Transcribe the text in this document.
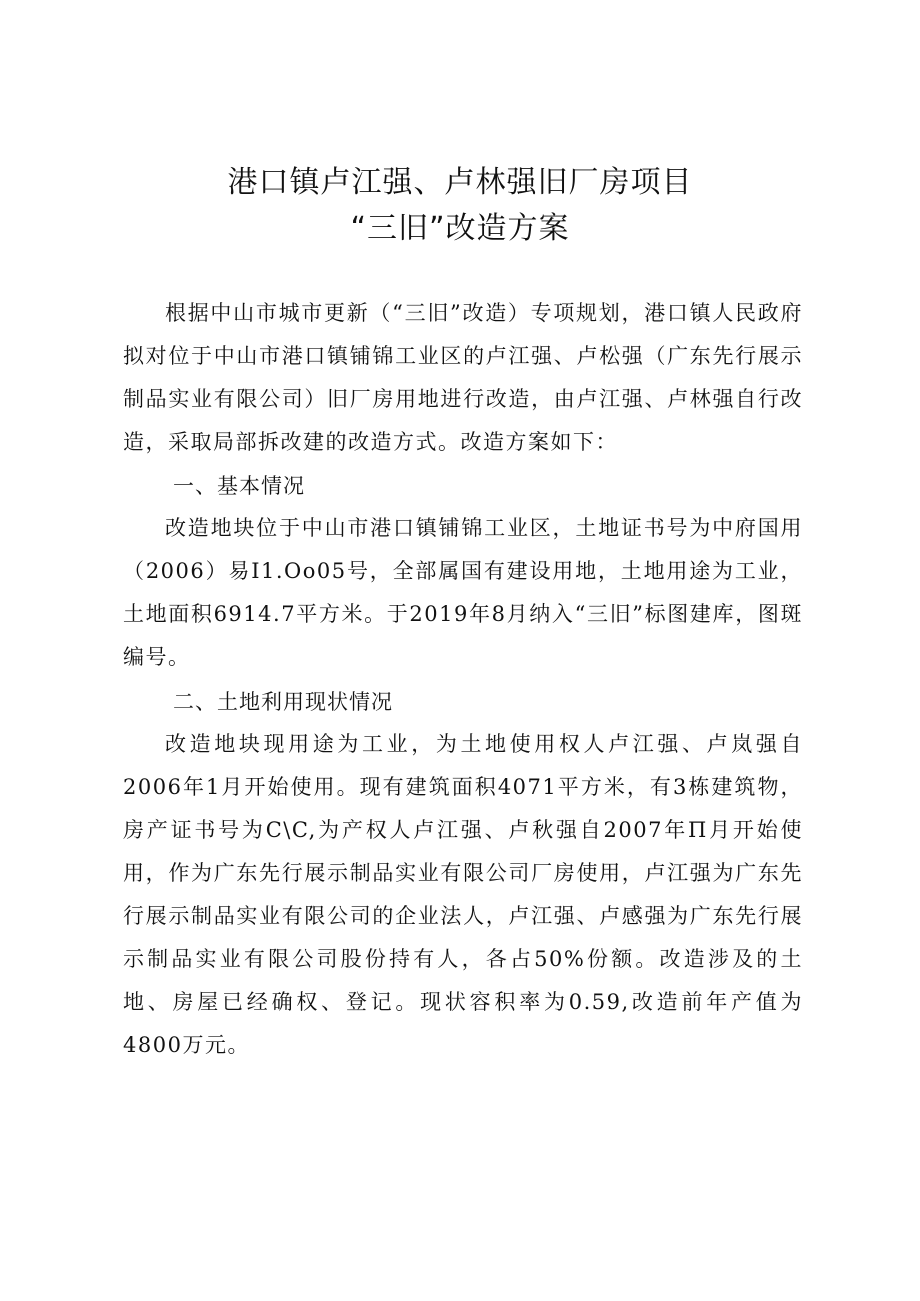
港口镇卢江强、卢林强旧厂房项目
“三旧”改造方案

根据中山市城市更新（“三旧”改造）专项规划，港口镇人民政府拟对位于中山市港口镇铺锦工业区的卢江强、卢松强（广东先行展示制品实业有限公司）旧厂房用地进行改造，由卢江强、卢林强自行改造，采取局部拆改建的改造方式。改造方案如下：

一、基本情况

改造地块位于中山市港口镇铺锦工业区，土地证书号为中府国用（2006）易I1.Oo05号，全部属国有建设用地，土地用途为工业，土地面积6914.7平方米。于2019年8月纳入“三旧”标图建库，图斑编号。

二、土地利用现状情况

改造地块现用途为工业，为土地使用权人卢江强、卢岚强自2006年1月开始使用。现有建筑面积4071平方米，有3栋建筑物，房产证书号为C\C,为产权人卢江强、卢秋强自2007年Π月开始使用，作为广东先行展示制品实业有限公司厂房使用，卢江强为广东先行展示制品实业有限公司的企业法人，卢江强、卢感强为广东先行展示制品实业有限公司股份持有人，各占50%份额。改造涉及的土地、房屋已经确权、登记。现状容积率为0.59,改造前年产值为4800万元。
